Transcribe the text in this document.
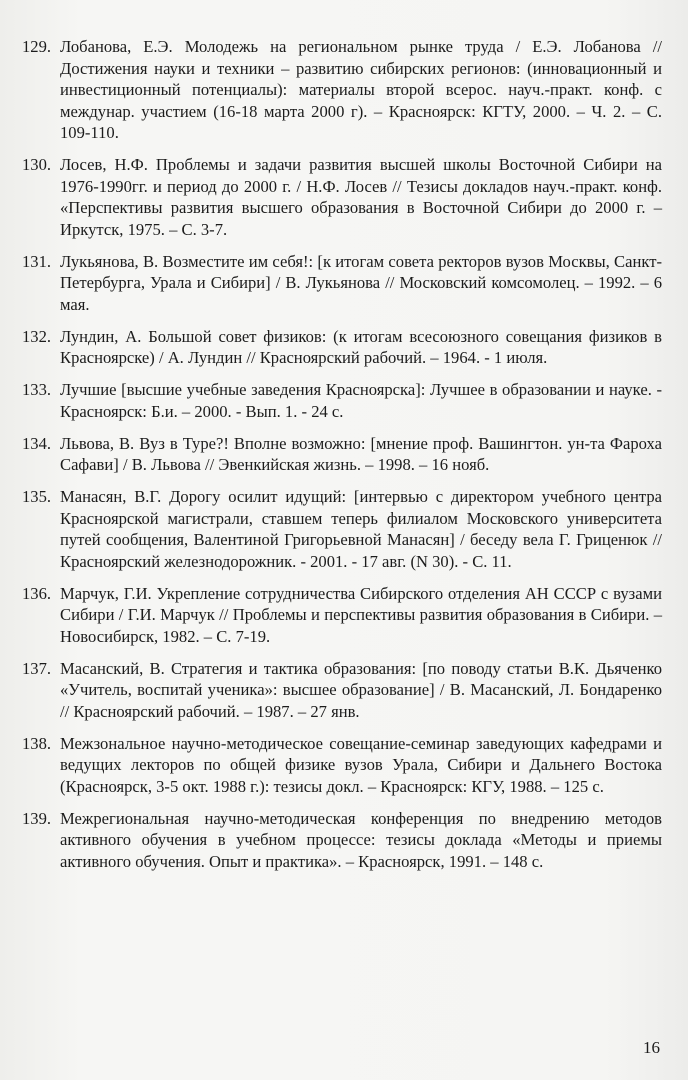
129. Лобанова, Е.Э. Молодежь на региональном рынке труда / Е.Э. Лобанова // Достижения науки и техники – развитию сибирских регионов: (инновационный и инвестиционный потенциалы): материалы второй всерос. науч.-практ. конф. с междунар. участием (16-18 марта 2000 г). – Красноярск: КГТУ, 2000. – Ч. 2. – С. 109-110.
130. Лосев, Н.Ф. Проблемы и задачи развития высшей школы Восточной Сибири на 1976-1990гг. и период до 2000 г. / Н.Ф. Лосев // Тезисы докладов науч.-практ. конф. «Перспективы развития высшего образования в Восточной Сибири до 2000 г. – Иркутск, 1975. – С. 3-7.
131. Лукьянова, В. Возместите им себя!: [к итогам совета ректоров вузов Москвы, Санкт-Петербурга, Урала и Сибири] / В. Лукьянова // Московский комсомолец. – 1992. – 6 мая.
132. Лундин, А. Большой совет физиков: (к итогам всесоюзного совещания физиков в Красноярске) / А. Лундин // Красноярский рабочий. – 1964. - 1 июля.
133. Лучшие [высшие учебные заведения Красноярска]: Лучшее в образовании и науке. - Красноярск: Б.и. – 2000. - Вып. 1. - 24 с.
134. Львова, В. Вуз в Туре?! Вполне возможно: [мнение проф. Вашингтон. ун-та Фароха Сафави] / В. Львова // Эвенкийская жизнь. – 1998. – 16 нояб.
135. Манасян, В.Г. Дорогу осилит идущий: [интервью с директором учебного центра Красноярской магистрали, ставшем теперь филиалом Московского университета путей сообщения, Валентиной Григорьевной Манасян] / беседу вела Г. Гриценюк // Красноярский железнодорожник. - 2001. - 17 авг. (N 30). - С. 11.
136. Марчук, Г.И. Укрепление сотрудничества Сибирского отделения АН СССР с вузами Сибири / Г.И. Марчук // Проблемы и перспективы развития образования в Сибири. – Новосибирск, 1982. – С. 7-19.
137. Масанский, В. Стратегия и тактика образования: [по поводу статьи В.К. Дьяченко «Учитель, воспитай ученика»: высшее образование] / В. Масанский, Л. Бондаренко // Красноярский рабочий. – 1987. – 27 янв.
138. Межзональное научно-методическое совещание-семинар заведующих кафедрами и ведущих лекторов по общей физике вузов Урала, Сибири и Дальнего Востока (Красноярск, 3-5 окт. 1988 г.): тезисы докл. – Красноярск: КГУ, 1988. – 125 с.
139. Межрегиональная научно-методическая конференция по внедрению методов активного обучения в учебном процессе: тезисы доклада «Методы и приемы активного обучения. Опыт и практика». – Красноярск, 1991. – 148 с.
16
